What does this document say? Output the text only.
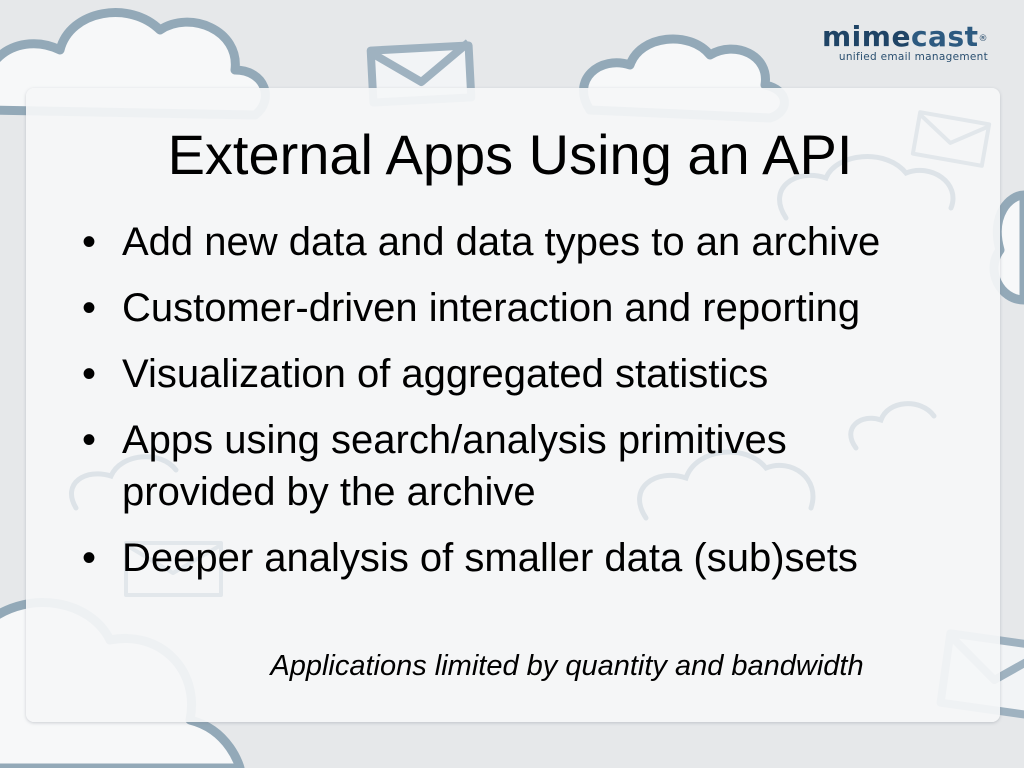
mimecast®
unified email management
External Apps Using an API
• Add new data and data types to an archive
• Customer-driven interaction and reporting
• Visualization of aggregated statistics
• Apps using search/analysis primitives provided by the archive
• Deeper analysis of smaller data (sub)sets
Applications limited by quantity and bandwidth
